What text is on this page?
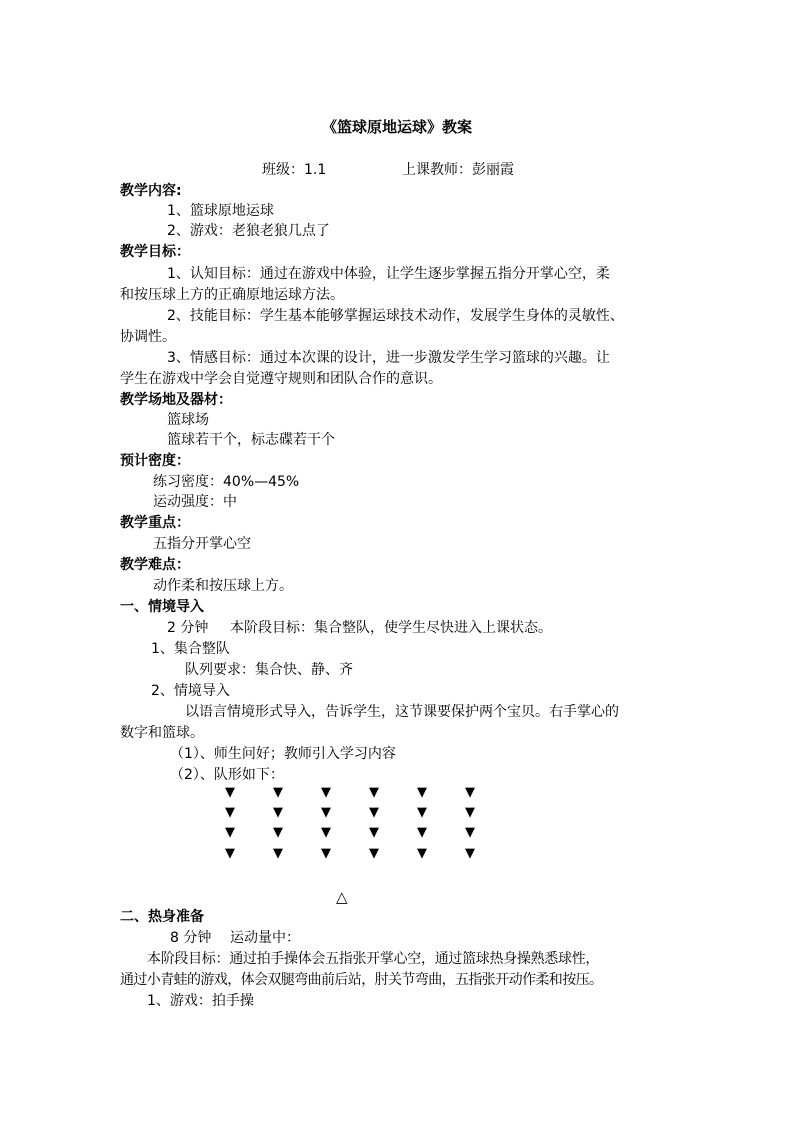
《篮球原地运球》教案
班级：1.1	上课教师：彭丽霞
教学内容:
1、篮球原地运球
2、游戏：老狼老狼几点了
教学目标：
1、认知目标：通过在游戏中体验，让学生逐步掌握五指分开掌心空，柔
和按压球上方的正确原地运球方法。
2、技能目标：学生基本能够掌握运球技术动作，发展学生身体的灵敏性、
协调性。
3、情感目标：通过本次课的设计，进一步激发学生学习篮球的兴趣。让
学生在游戏中学会自觉遵守规则和团队合作的意识。
教学场地及器材：
篮球场
篮球若干个，标志碟若干个
预计密度：
练习密度：40%—45%
运动强度：中
教学重点：
五指分开掌心空
教学难点：
动作柔和按压球上方。
一、情境导入
2 分钟 本阶段目标：集合整队，使学生尽快进入上课状态。
1、集合整队
队列要求：集合快、静、齐
2、情境导入
以语言情境形式导入，告诉学生，这节课要保护两个宝贝。右手掌心的
数字和篮球。
（1）、师生问好；教师引入学习内容
（2）、队形如下：
▼	▼	▼	▼	▼	▼
▼	▼	▼	▼	▼	▼
▼	▼	▼	▼	▼	▼
▼	▼	▼	▼	▼	▼
△
二、热身准备
8 分钟 运动量中：
本阶段目标：通过拍手操体会五指张开掌心空，通过篮球热身操熟悉球性，
通过小青蛙的游戏，体会双腿弯曲前后站，肘关节弯曲，五指张开动作柔和按压。
1、游戏：拍手操
